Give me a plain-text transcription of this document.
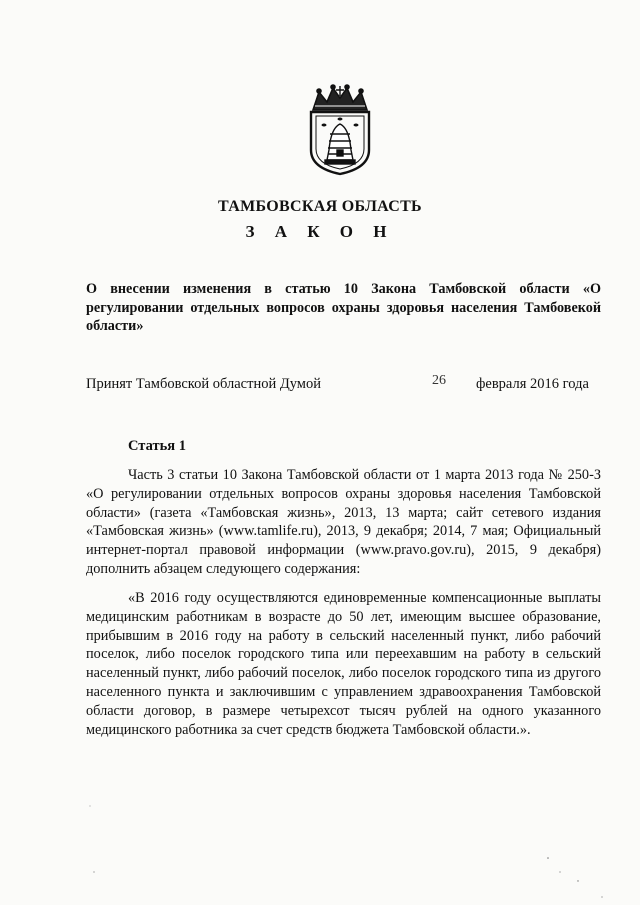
ТАМБОВСКАЯ ОБЛАСТЬ
З А К О Н
О внесении изменения в статью 10 Закона Тамбовской области «О регулировании отдельных вопросов охраны здоровья населения Тамбовекой области»
Принят Тамбовской областной Думой	26 февраля 2016 года
Статья 1

Часть 3 статьи 10 Закона Тамбовской области от 1 марта 2013 года № 250-З «О регулировании отдельных вопросов охраны здоровья населения Тамбовской области» (газета «Тамбовская жизнь», 2013, 13 марта; сайт сетевого издания «Тамбовская жизнь» (www.tamlife.ru), 2013, 9 декабря; 2014, 7 мая; Официальный интернет-портал правовой информации (www.pravo.gov.ru), 2015, 9 декабря) дополнить абзацем следующего содержания:

«В 2016 году осуществляются единовременные компенсационные выплаты медицинским работникам в возрасте до 50 лет, имеющим высшее образование, прибывшим в 2016 году на работу в сельский населенный пункт, либо рабочий поселок, либо поселок городского типа или переехавшим на работу в сельский населенный пункт, либо рабочий поселок, либо поселок городского типа из другого населенного пункта и заключившим с управлением здравоохранения Тамбовской области договор, в размере четырехсот тысяч рублей на одного указанного медицинского работника за счет средств бюджета Тамбовской области.».
